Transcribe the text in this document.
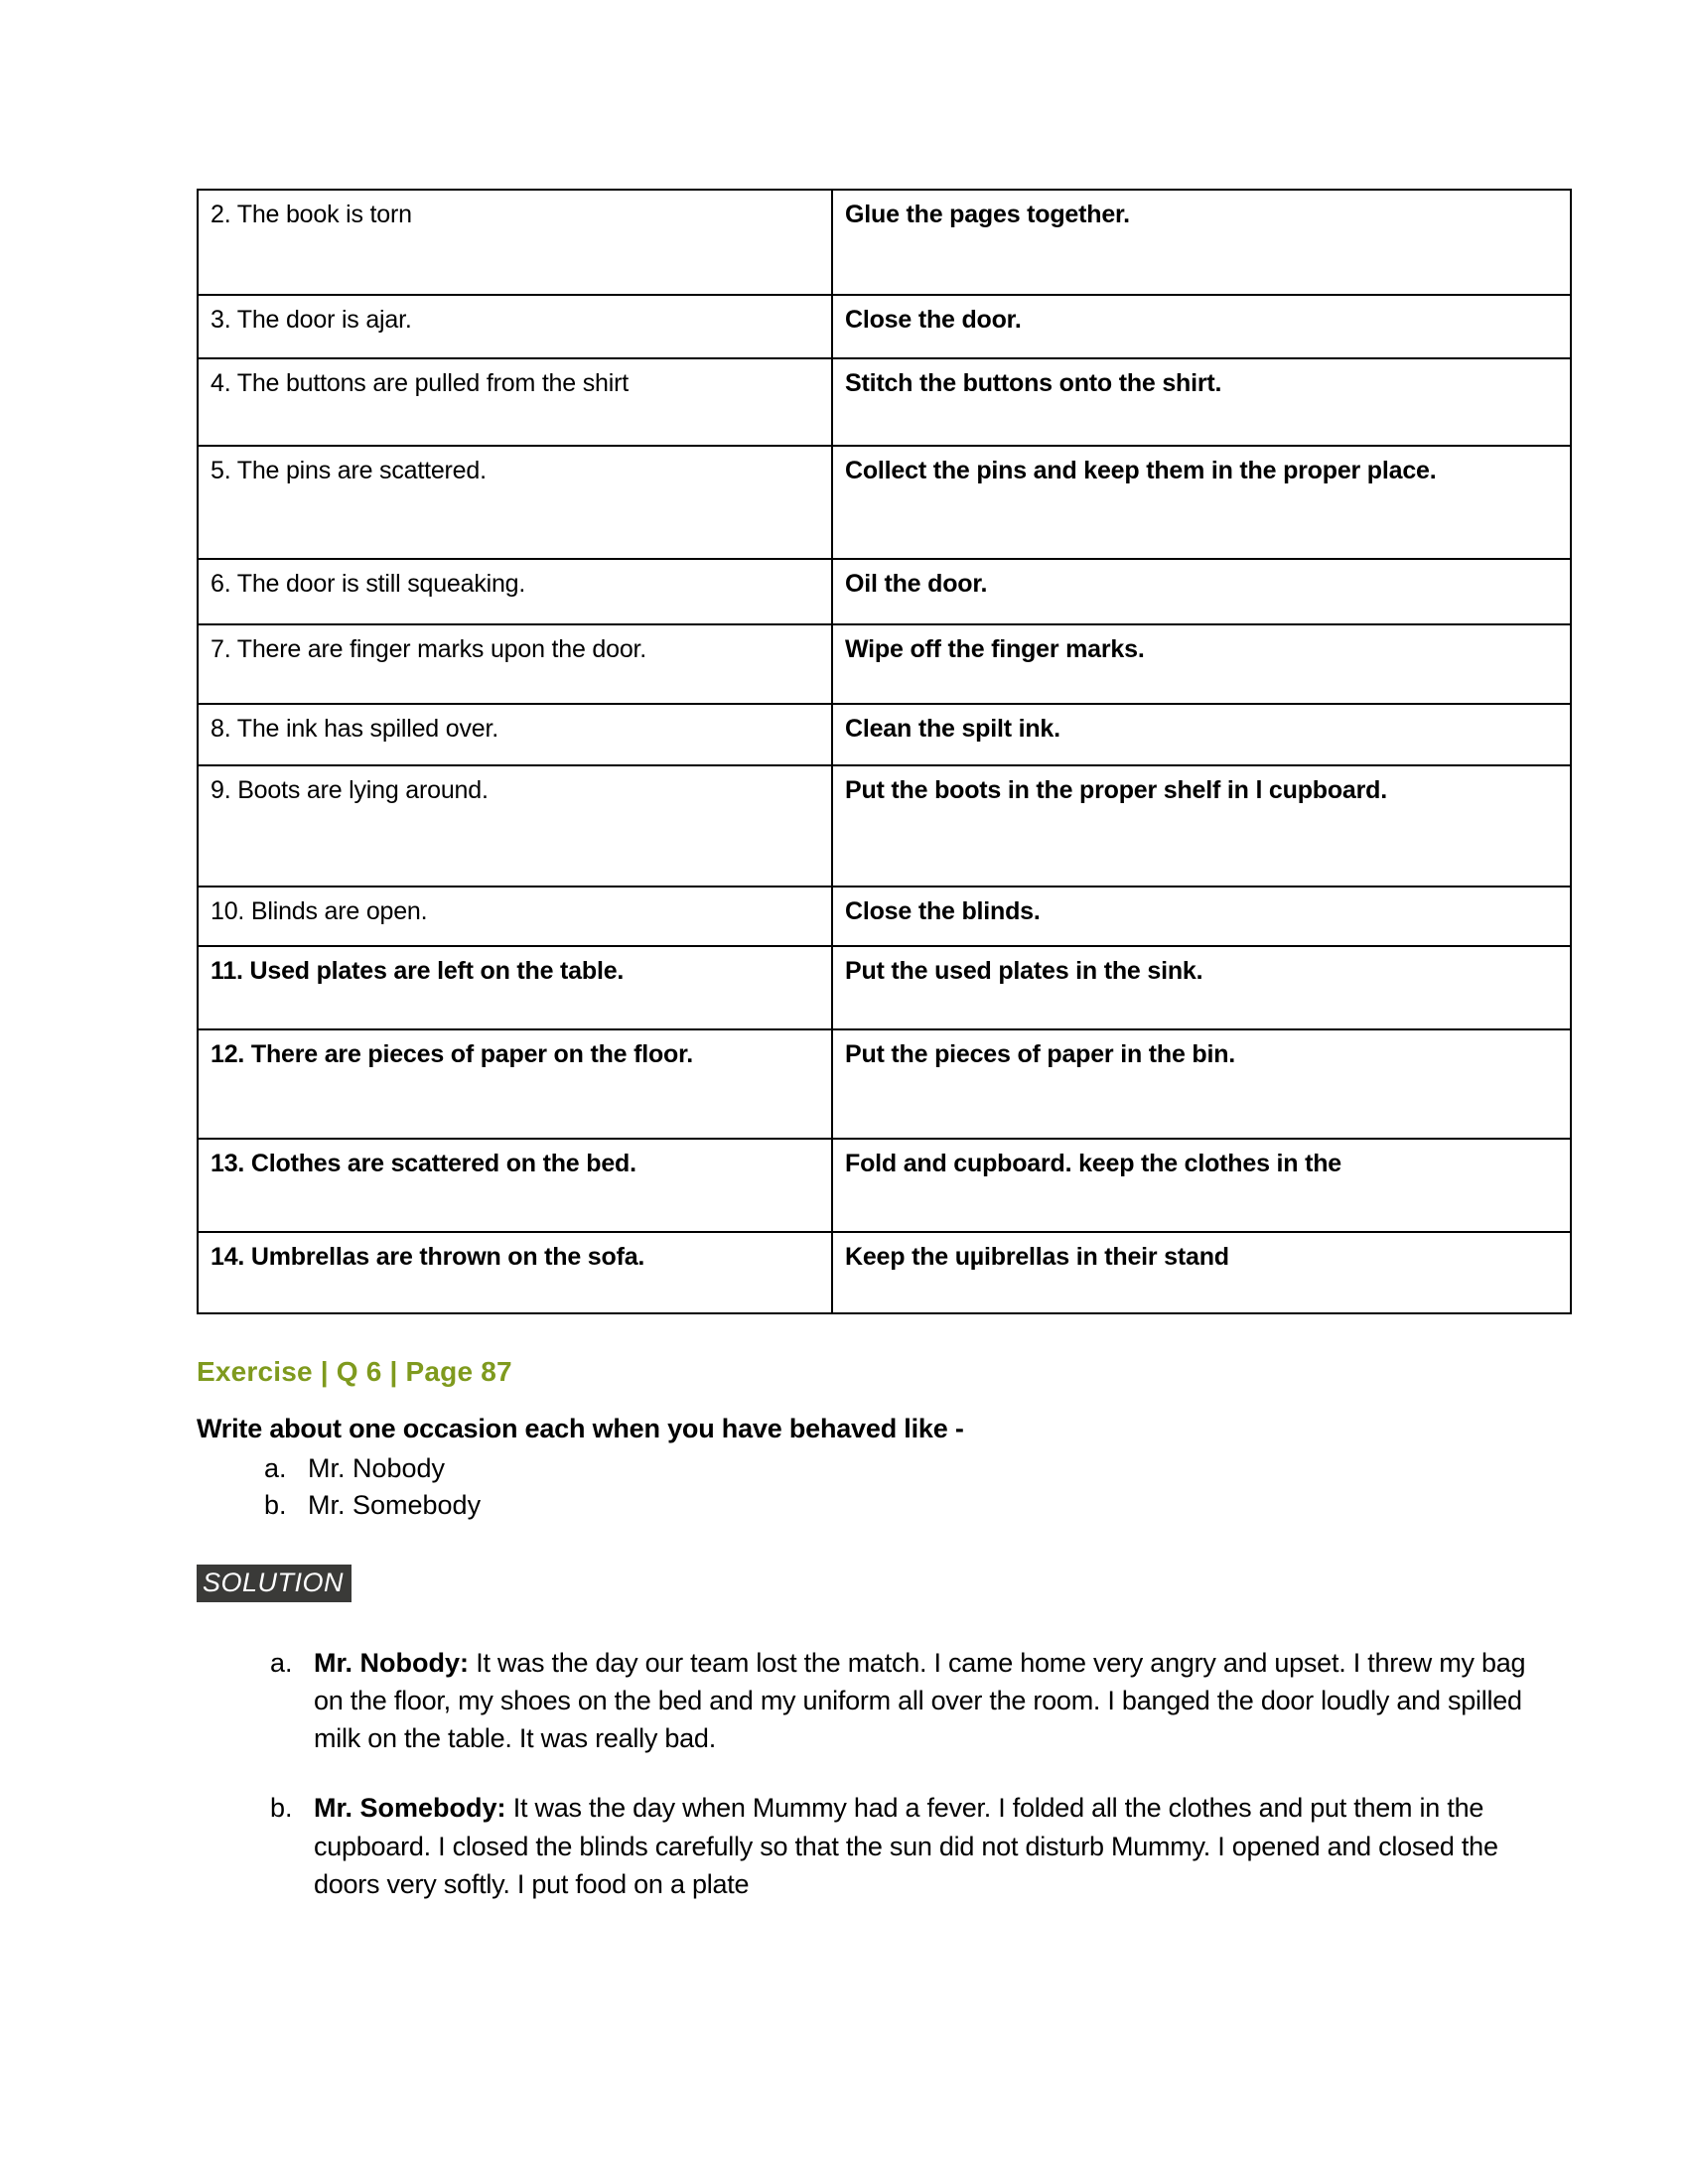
2. The book is torn	Glue the pages together.
3. The door is ajar.	Close the door.
4. The buttons are pulled from the shirt	Stitch the buttons onto the shirt.
5. The pins are scattered.	Collect the pins and keep them in the proper place.
6. The door is still squeaking.	Oil the door.
7. There are finger marks upon the door.	Wipe off the finger marks.
8. The ink has spilled over.	Clean the spilt ink.
9. Boots are lying around.	Put the boots in the proper shelf in l cupboard.
10. Blinds are open.	Close the blinds.
11. Used plates are left on the table.	Put the used plates in the sink.
12. There are pieces of paper on the floor.	Put the pieces of paper in the bin.
13. Clothes are scattered on the bed.	Fold and cupboard. keep the clothes in the
14. Umbrellas are thrown on the sofa.	Keep the uµibrellas in their stand
Exercise | Q 6 | Page 87
Write about one occasion each when you have behaved like -
a. Mr. Nobody
b. Mr. Somebody
SOLUTION
a. Mr. Nobody: It was the day our team lost the match. I came home very angry and upset. I threw my bag on the floor, my shoes on the bed and my uniform all over the room. I banged the door loudly and spilled milk on the table. It was really bad.
b. Mr. Somebody: It was the day when Mummy had a fever. I folded all the clothes and put them in the cupboard. I closed the blinds carefully so that the sun did not disturb Mummy. I opened and closed the doors very softly. I put food on a plate
